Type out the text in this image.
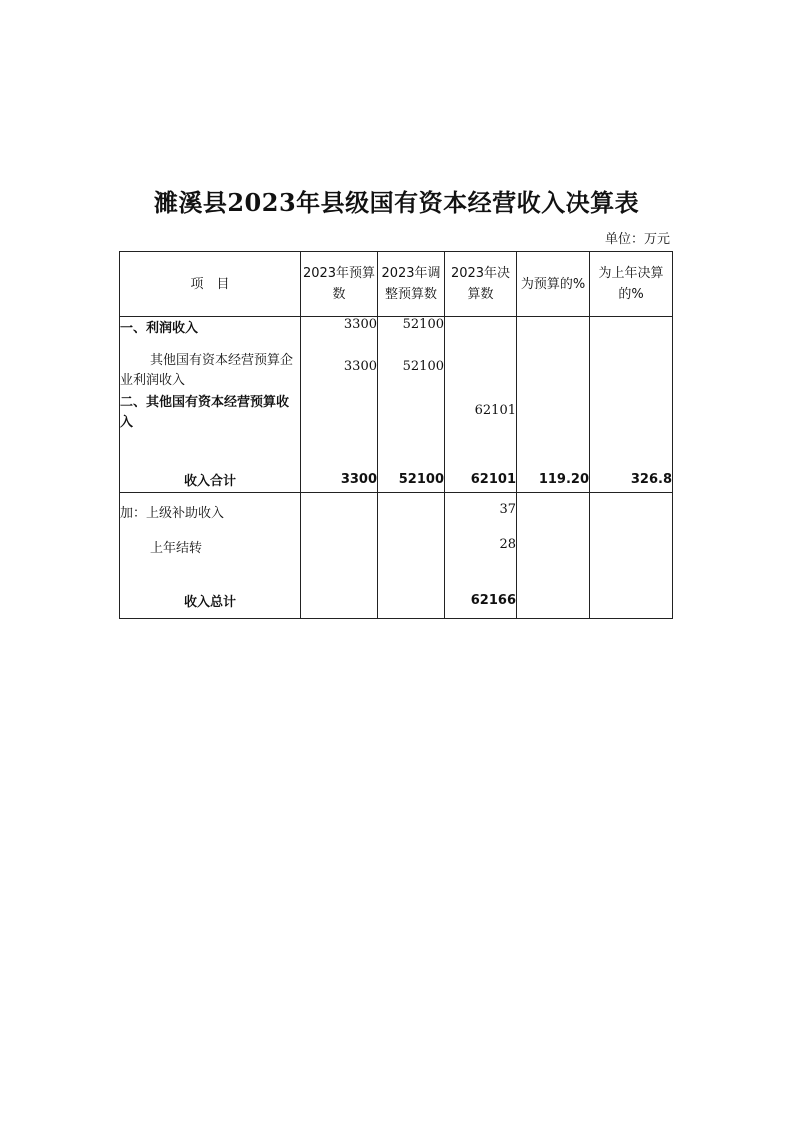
濉溪县2023年县级国有资本经营收入决算表
单位：万元
项　目	2023年预算数	2023年调整预算数	2023年决算数	为预算的%	为上年决算的%
一、利润收入	3300	52100			
其他国有资本经营预算企业利润收入	3300	52100			
二、其他国有资本经营预算收入			62101		
收入合计	3300	52100	62101	119.20	326.8
加：上级补助收入			37		
上年结转			28		
收入总计			62166		
